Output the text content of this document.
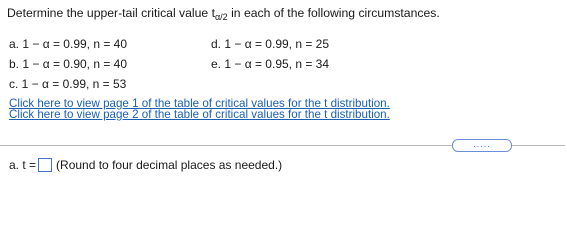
Determine the upper-tail critical value $t_{\alpha/2}$ in each of the following circumstances.
a. 1 − α = 0.99, n = 40	d. 1 − α = 0.99, n = 25
b. 1 − α = 0.90, n = 40	e. 1 − α = 0.95, n = 34
c. 1 − α = 0.99, n = 53
Click here to view page 1 of the table of critical values for the t distribution.
Click here to view page 2 of the table of critical values for the t distribution.
.....
a. t = (Round to four decimal places as needed.)
